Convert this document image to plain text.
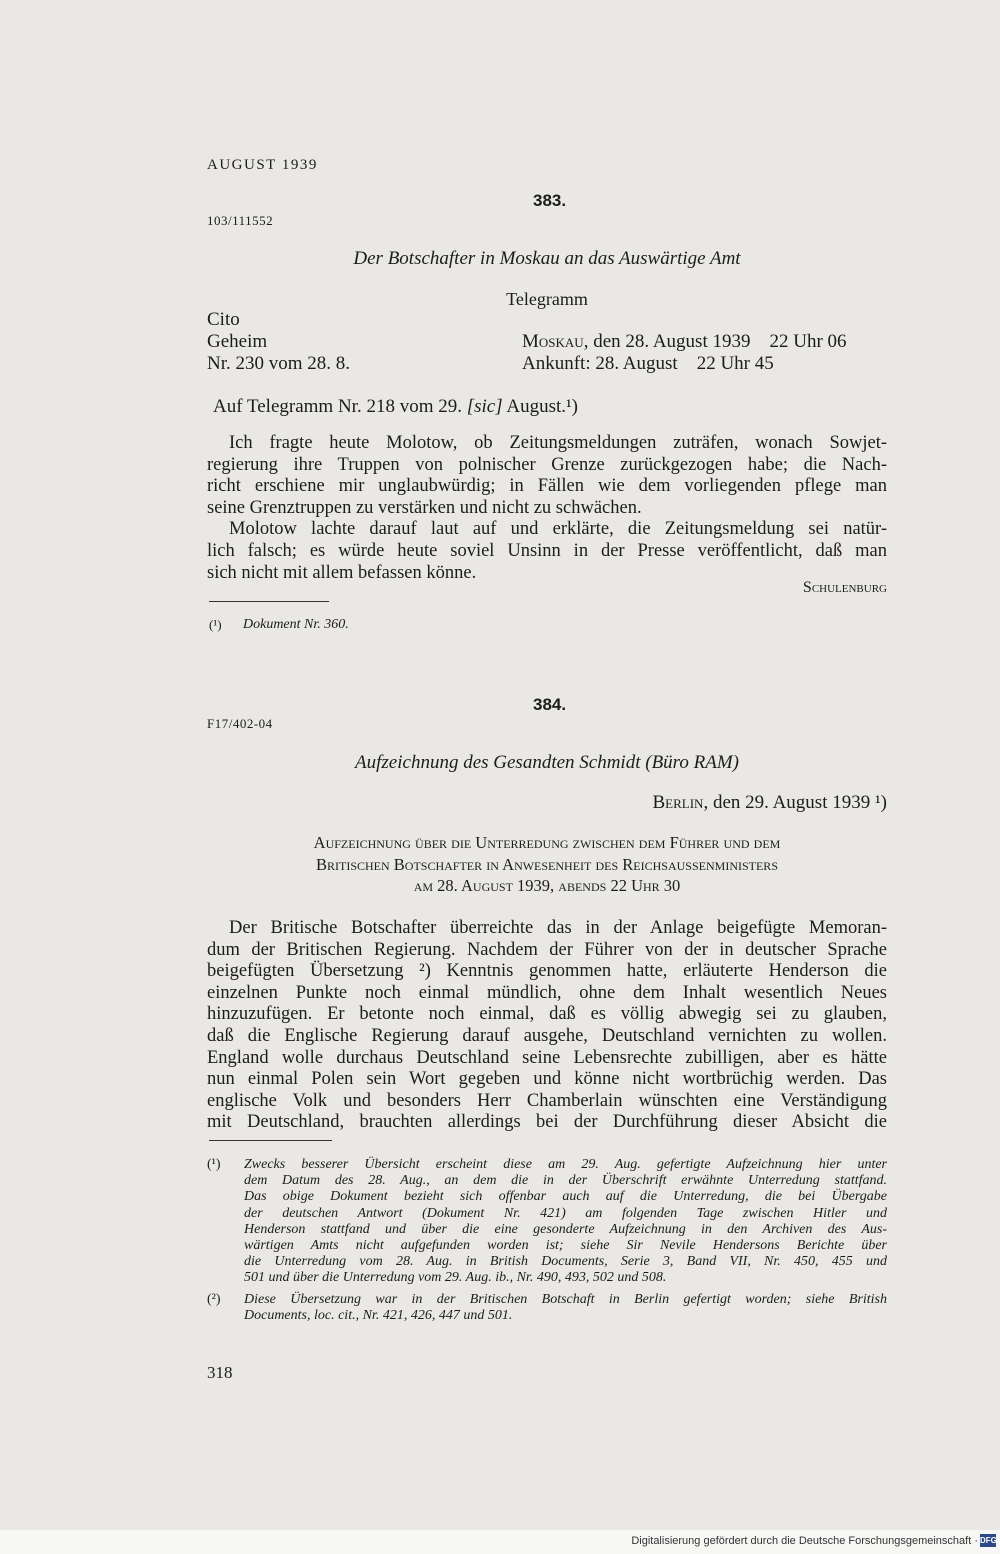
AUGUST 1939
383.
103/111552
Der Botschafter in Moskau an das Auswärtige Amt
Telegramm
Cito
Geheim
Nr. 230 vom 28. 8.
Moskau, den 28. August 1939    22 Uhr 06
Ankunft: 28. August    22 Uhr 45
Auf Telegramm Nr. 218 vom 29. [sic] August.¹)
Ich fragte heute Molotow, ob Zeitungsmeldungen zuträfen, wonach Sowjet-
regierung ihre Truppen von polnischer Grenze zurückgezogen habe; die Nach-
richt erschiene mir unglaubwürdig; in Fällen wie dem vorliegenden pflege man
seine Grenztruppen zu verstärken und nicht zu schwächen.
Molotow lachte darauf laut auf und erklärte, die Zeitungsmeldung sei natür-
lich falsch; es würde heute soviel Unsinn in der Presse veröffentlicht, daß man
sich nicht mit allem befassen könne.
Schulenburg
(¹) Dokument Nr. 360.
384.
F17/402-04
Aufzeichnung des Gesandten Schmidt (Büro RAM)
Berlin, den 29. August 1939 ¹)
Aufzeichnung über die Unterredung zwischen dem Führer und dem
Britischen Botschafter in Anwesenheit des Reichsaussenministers
am 28. August 1939, abends 22 Uhr 30
Der Britische Botschafter überreichte das in der Anlage beigefügte Memoran-
dum der Britischen Regierung. Nachdem der Führer von der in deutscher Sprache
beigefügten Übersetzung ²) Kenntnis genommen hatte, erläuterte Henderson die
einzelnen Punkte noch einmal mündlich, ohne dem Inhalt wesentlich Neues
hinzuzufügen. Er betonte noch einmal, daß es völlig abwegig sei zu glauben,
daß die Englische Regierung darauf ausgehe, Deutschland vernichten zu wollen.
England wolle durchaus Deutschland seine Lebensrechte zubilligen, aber es hätte
nun einmal Polen sein Wort gegeben und könne nicht wortbrüchig werden. Das
englische Volk und besonders Herr Chamberlain wünschten eine Verständigung
mit Deutschland, brauchten allerdings bei der Durchführung dieser Absicht die
(¹) Zwecks besserer Übersicht erscheint diese am 29. Aug. gefertigte Aufzeichnung hier unter
dem Datum des 28. Aug., an dem die in der Überschrift erwähnte Unterredung stattfand.
Das obige Dokument bezieht sich offenbar auch auf die Unterredung, die bei Übergabe
der deutschen Antwort (Dokument Nr. 421) am folgenden Tage zwischen Hitler und
Henderson stattfand und über die eine gesonderte Aufzeichnung in den Archiven des Aus-
wärtigen Amts nicht aufgefunden worden ist; siehe Sir Nevile Hendersons Berichte über
die Unterredung vom 28. Aug. in British Documents, Serie 3, Band VII, Nr. 450, 455 und
501 und über die Unterredung vom 29. Aug. ib., Nr. 490, 493, 502 und 508.
(²) Diese Übersetzung war in der Britischen Botschaft in Berlin gefertigt worden; siehe British
Documents, loc. cit., Nr. 421, 426, 447 und 501.
318
Digitalisierung gefördert durch die Deutsche Forschungsgemeinschaft · DFG
